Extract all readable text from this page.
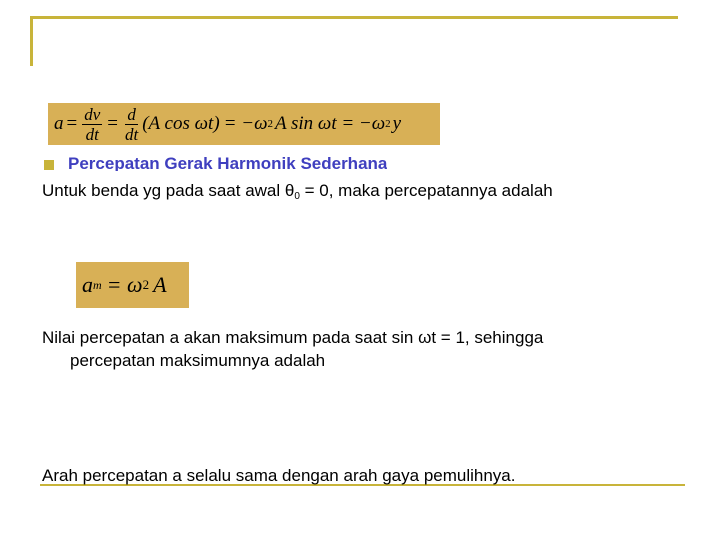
$a = \frac{dv}{dt} = \frac{d}{dt} (A$ cos ωt) = −ω 2 A sin ωt = −ω 2 y
Percepatan Gerak Harmonik Sederhana
Untuk benda yg pada saat awal $\theta_0 = 0$, maka percepatannya adalah
a m = ω 2 A
Nilai percepatan a akan maksimum pada saat sin ωt = 1, sehingga
percepatan maksimumnya adalah
Arah percepatan a selalu sama dengan arah gaya pemulihnya.
